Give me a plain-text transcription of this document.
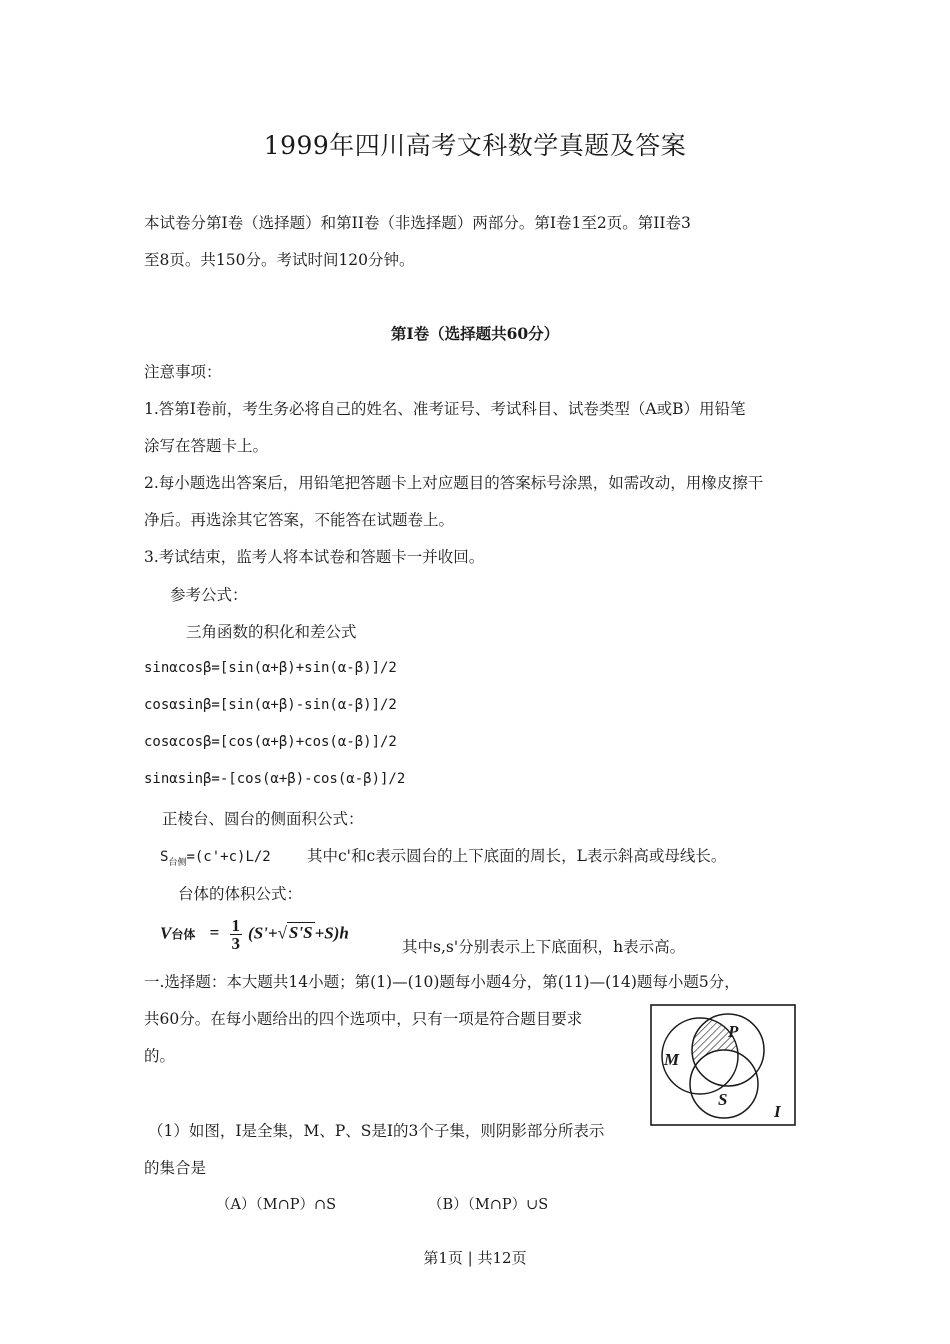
1999年四川高考文科数学真题及答案
本试卷分第Ⅰ卷（选择题）和第ⅠI卷（非选择题）两部分。第Ⅰ卷1至2页。第ⅠI卷3
至8页。共150分。考试时间120分钟。
第Ⅰ卷（选择题共60分）
注意事项：
1.答第Ⅰ卷前，考生务必将自己的姓名、准考证号、考试科目、试卷类型（A或B）用铅笔
涂写在答题卡上。
2.每小题选出答案后，用铅笔把答题卡上对应题目的答案标号涂黑，如需改动，用橡皮擦干
净后。再选涂其它答案，不能答在试题卷上。
3.考试结束，监考人将本试卷和答题卡一并收回。
参考公式：
三角函数的积化和差公式
sinαcosβ=[sin(α+β)+sin(α-β)]/2
cosαsinβ=[sin(α+β)-sin(α-β)]/2
cosαcosβ=[cos(α+β)+cos(α-β)]/2
sinαsinβ=-[cos(α+β)-cos(α-β)]/2
正棱台、圆台的侧面积公式：
$S_{台侧}=(c'+c)L/2$ 其中c'和c表示圆台的上下底面的周长，L表示斜高或母线长。
台体的体积公式：
V台体 = $\frac{1}{3} (S'+√$ S'S +S)h
其中s,s'分别表示上下底面积，h表示高。
一.选择题：本大题共14小题；第(1)—(10)题每小题4分，第(11)—(14)题每小题5分，
共60分。在每小题给出的四个选项中，只有一项是符合题目要求
的。	M
P
S
I
（1）如图，I是全集，M、P、S是I的3个子集，则阴影部分所表示
的集合是
（A）（M∩P）∩S	（B）（M∩P）∪S
第1页 | 共12页
